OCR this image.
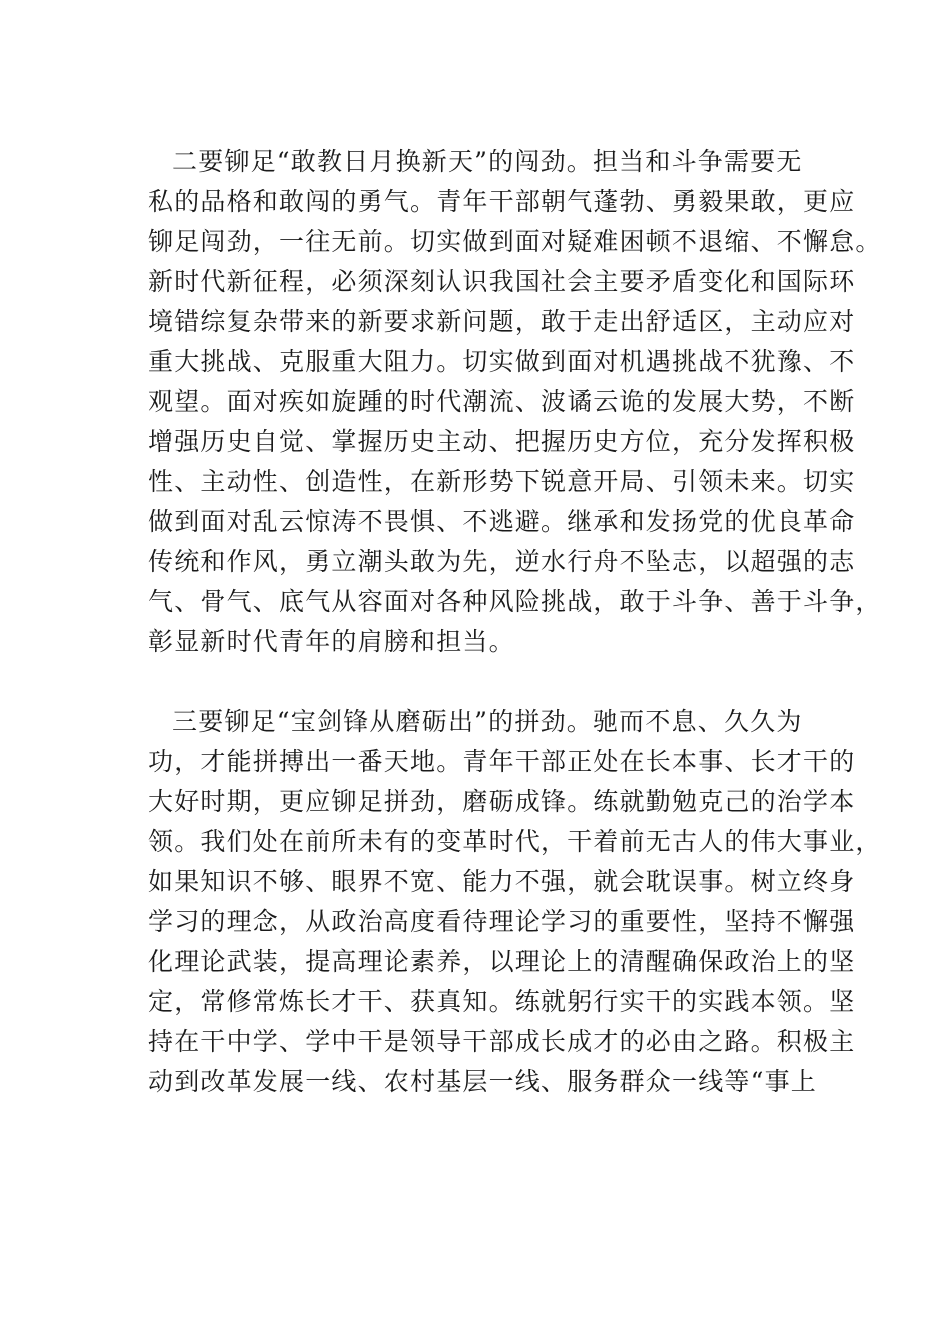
二要铆足“敢教日月换新天”的闯劲。担当和斗争需要无
私的品格和敢闯的勇气。青年干部朝气蓬勃、勇毅果敢，更应
铆足闯劲，一往无前。切实做到面对疑难困顿不退缩、不懈怠。
新时代新征程，必须深刻认识我国社会主要矛盾变化和国际环
境错综复杂带来的新要求新问题，敢于走出舒适区，主动应对
重大挑战、克服重大阻力。切实做到面对机遇挑战不犹豫、不
观望。面对疾如旋踵的时代潮流、波谲云诡的发展大势，不断
增强历史自觉、掌握历史主动、把握历史方位，充分发挥积极
性、主动性、创造性，在新形势下锐意开局、引领未来。切实
做到面对乱云惊涛不畏惧、不逃避。继承和发扬党的优良革命
传统和作风，勇立潮头敢为先，逆水行舟不坠志，以超强的志
气、骨气、底气从容面对各种风险挑战，敢于斗争、善于斗争，
彰显新时代青年的肩膀和担当。
三要铆足“宝剑锋从磨砺出”的拼劲。驰而不息、久久为
功，才能拼搏出一番天地。青年干部正处在长本事、长才干的
大好时期，更应铆足拼劲，磨砺成锋。练就勤勉克己的治学本
领。我们处在前所未有的变革时代，干着前无古人的伟大事业，
如果知识不够、眼界不宽、能力不强，就会耽误事。树立终身
学习的理念，从政治高度看待理论学习的重要性，坚持不懈强
化理论武装，提高理论素养，以理论上的清醒确保政治上的坚
定，常修常炼长才干、获真知。练就躬行实干的实践本领。坚
持在干中学、学中干是领导干部成长成才的必由之路。积极主
动到改革发展一线、农村基层一线、服务群众一线等“事上
